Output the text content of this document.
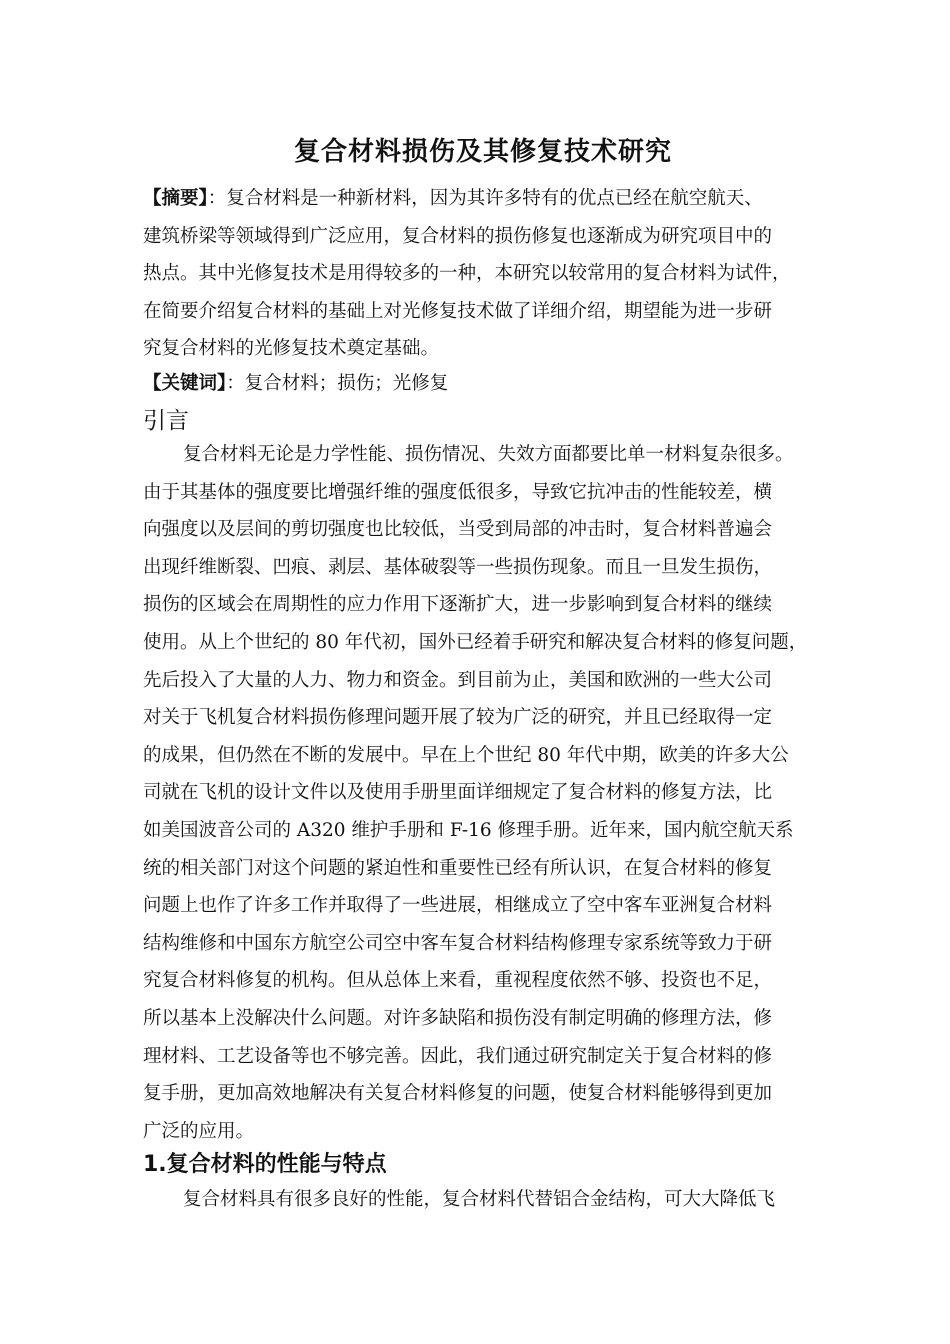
复合材料损伤及其修复技术研究
【摘要】：复合材料是一种新材料，因为其许多特有的优点已经在航空航天、
建筑桥梁等领域得到广泛应用，复合材料的损伤修复也逐渐成为研究项目中的
热点。其中光修复技术是用得较多的一种，本研究以较常用的复合材料为试件，
在简要介绍复合材料的基础上对光修复技术做了详细介绍，期望能为进一步研
究复合材料的光修复技术奠定基础。
【关键词】：复合材料；损伤；光修复
引言
复合材料无论是力学性能、损伤情况、失效方面都要比单一材料复杂很多。
由于其基体的强度要比增强纤维的强度低很多，导致它抗冲击的性能较差，横
向强度以及层间的剪切强度也比较低，当受到局部的冲击时，复合材料普遍会
出现纤维断裂、凹痕、剥层、基体破裂等一些损伤现象。而且一旦发生损伤，
损伤的区域会在周期性的应力作用下逐渐扩大，进一步影响到复合材料的继续
使用。从上个世纪的 80 年代初，国外已经着手研究和解决复合材料的修复问题，
先后投入了大量的人力、物力和资金。到目前为止，美国和欧洲的一些大公司
对关于飞机复合材料损伤修理问题开展了较为广泛的研究，并且已经取得一定
的成果，但仍然在不断的发展中。早在上个世纪 80 年代中期，欧美的许多大公
司就在飞机的设计文件以及使用手册里面详细规定了复合材料的修复方法，比
如美国波音公司的 A320 维护手册和 F-16 修理手册。近年来，国内航空航天系
统的相关部门对这个问题的紧迫性和重要性已经有所认识，在复合材料的修复
问题上也作了许多工作并取得了一些进展，相继成立了空中客车亚洲复合材料
结构维修和中国东方航空公司空中客车复合材料结构修理专家系统等致力于研
究复合材料修复的机构。但从总体上来看，重视程度依然不够、投资也不足，
所以基本上没解决什么问题。对许多缺陷和损伤没有制定明确的修理方法，修
理材料、工艺设备等也不够完善。因此，我们通过研究制定关于复合材料的修
复手册，更加高效地解决有关复合材料修复的问题，使复合材料能够得到更加
广泛的应用。
1.复合材料的性能与特点
复合材料具有很多良好的性能，复合材料代替铝合金结构，可大大降低飞
